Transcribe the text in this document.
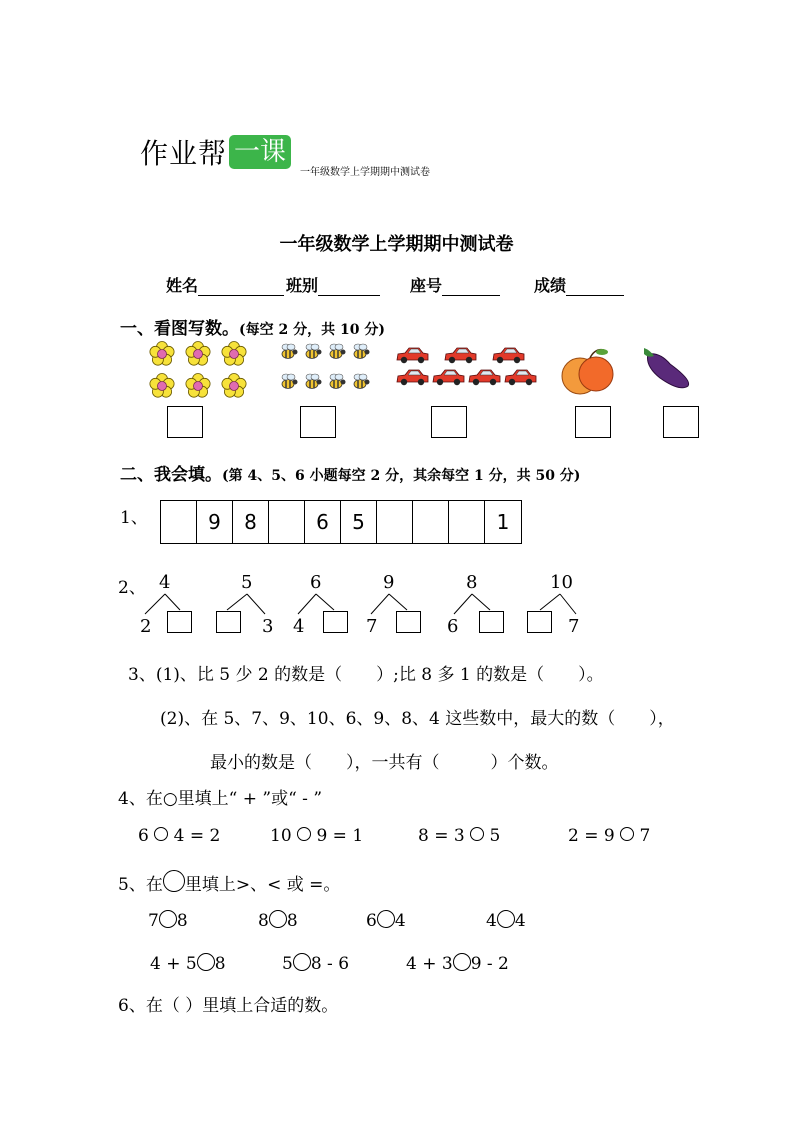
作业帮 一课
一年级数学上学期期中测试卷
一年级数学上学期期中测试卷
姓名	班别	座号	成绩
一、看图写数。(每空 2 分，共 10 分)
二、我会填。(第 4、5、6 小题每空 2 分，其余每空 1 分，共 50 分)
1、	9	8	6	5	1
2、 4
2
5
3
6
4
9
7
8
6
10
7
3、(1)、比 5 少 2 的数是（　　）;比 8 多 1 的数是（　　）。
(2)、在 5、7、9、10、6、9、8、4 这些数中，最大的数（　　），
最小的数是（　　），一共有（　　　）个数。
4、在○里填上“ + ”或“ - ”
6 4 = 2	10 9 = 1	8 = 3 5	2 = 9 7
5、在 里填上>、< 或 =。
7 8	8 8	6 4	4 4
4 + 5 8	5 8 - 6	4 + 3 9 - 2
6、在（ ）里填上合适的数。
